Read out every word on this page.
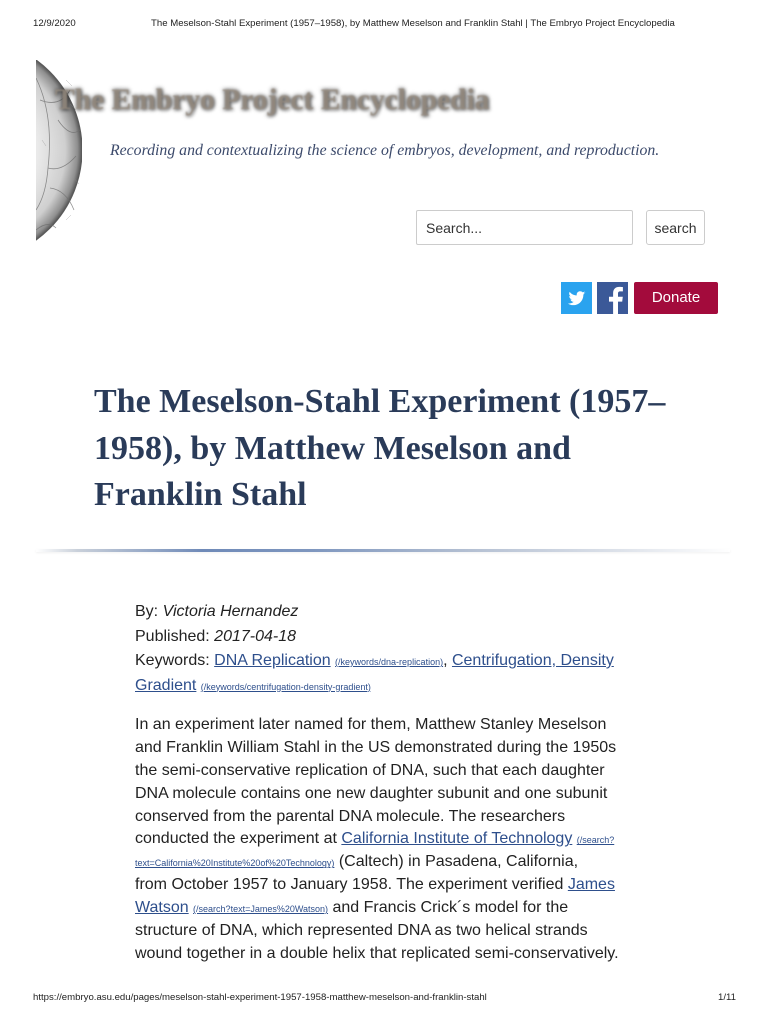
12/9/2020	The Meselson-Stahl Experiment (1957–1958), by Matthew Meselson and Franklin Stahl | The Embryo Project Encyclopedia
The Embryo Project Encyclopedia
Recording and contextualizing the science of embryos, development, and reproduction.
Search...
search
Donate
The Meselson-Stahl Experiment (1957–1958), by Matthew Meselson and Franklin Stahl
By: Victoria Hernandez
Published: 2017-04-18
Keywords: DNA Replication (/keywords/dna-replication), Centrifugation, Density
Gradient (/keywords/centrifugation-density-gradient)
In an experiment later named for them, Matthew Stanley Meselson
and Franklin William Stahl in the US demonstrated during the 1950s
the semi-conservative replication of DNA, such that each daughter
DNA molecule contains one new daughter subunit and one subunit
conserved from the parental DNA molecule. The researchers
conducted the experiment at California Institute of Technology (/search?
text=California%20Institute%20of%20Technology) (Caltech) in Pasadena, California,
from October 1957 to January 1958. The experiment verified James
Watson (/search?text=James%20Watson) and Francis Crick´s model for the
structure of DNA, which represented DNA as two helical strands
wound together in a double helix that replicated semi-conservatively.
https://embryo.asu.edu/pages/meselson-stahl-experiment-1957-1958-matthew-meselson-and-franklin-stahl	1/11
